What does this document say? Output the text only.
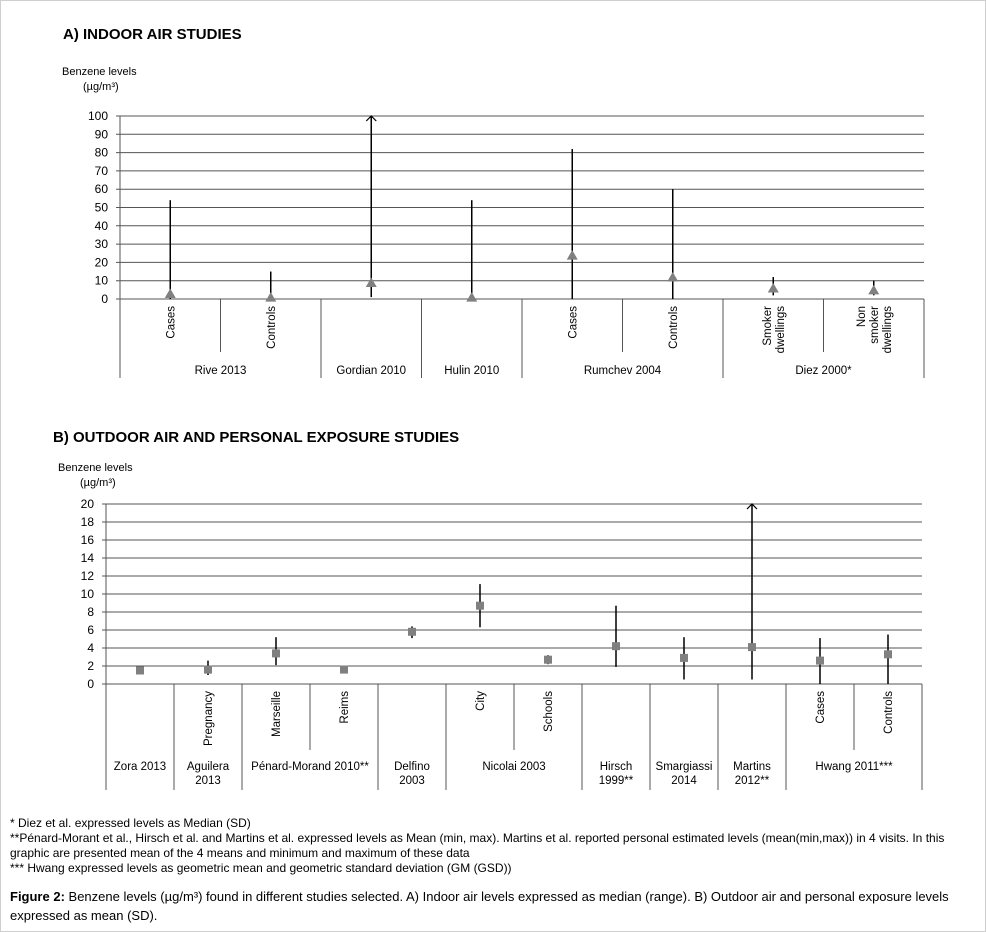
A) INDOOR AIR STUDIES
Benzene levels
(µg/m³)
0
10
20
30
40
50
60
70
80
90
100
Cases	Controls	Cases	Controls	Smoker dwellings	Non smoker dwellings
Rive 2013	Gordian 2010	Hulin 2010	Rumchev 2004	Diez 2000*
B) OUTDOOR AIR AND PERSONAL EXPOSURE STUDIES
Benzene levels
(µg/m³)
0
2
4
6
8
10
12
14
16
18
20
Pregnancy	Marseille	Reims	City	Schools	Cases	Controls
Zora 2013 Aguilera
2013
Pénard-Morand 2010** Delfino
2003
Nicolai 2003	Hirsch
1999**
Smargiassi
2014
Martins
2012**
Hwang 2011***
* Diez et al. expressed levels as Median (SD)
**Pénard-Morant et al., Hirsch et al. and Martins et al. expressed levels as Mean (min, max). Martins et al. reported personal estimated levels (mean(min,max)) in 4 visits. In this graphic are presented mean of the 4 means and minimum and maximum of these data
*** Hwang expressed levels as geometric mean and geometric standard deviation (GM (GSD))
Figure 2: Benzene levels (µg/m³) found in different studies selected. A) Indoor air levels expressed as median (range). B) Outdoor air and personal exposure levels expressed as mean (SD).
